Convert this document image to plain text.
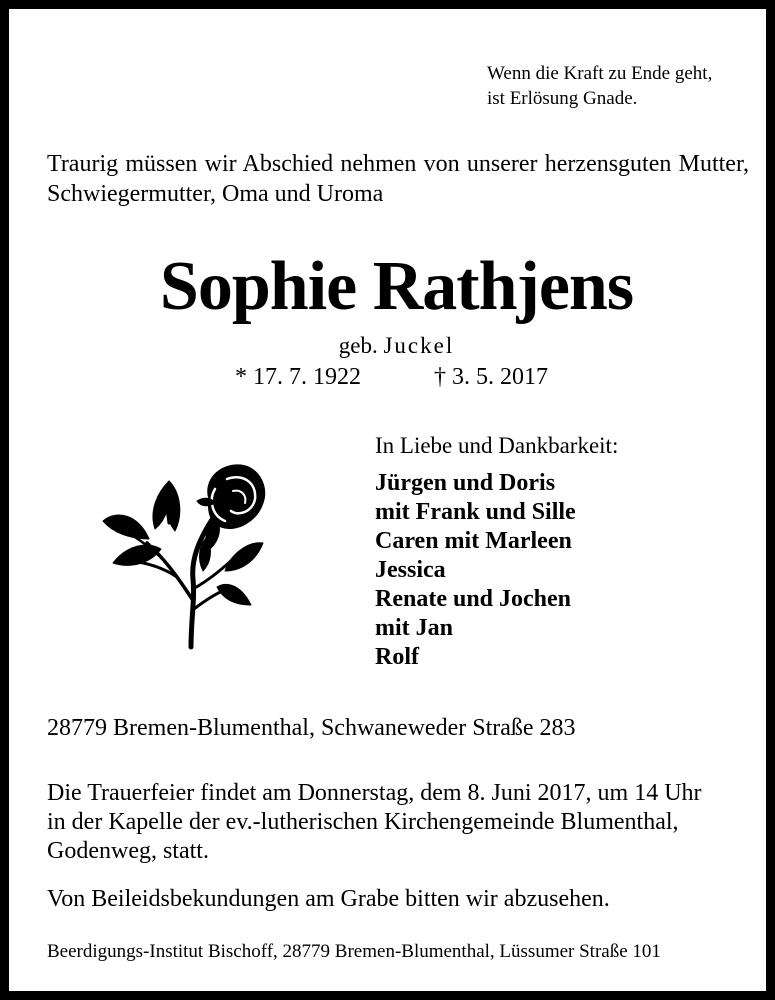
Wenn die Kraft zu Ende geht,
ist Erlösung Gnade.
Traurig müssen wir Abschied nehmen von unserer herzensguten Mutter, Schwiegermutter, Oma und Uroma
Sophie Rathjens
geb. Juckel
* 17. 7. 1922	† 3. 5. 2017
In Liebe und Dankbarkeit:
Jürgen und Doris
mit Frank und Sille
Caren mit Marleen
Jessica
Renate und Jochen
mit Jan
Rolf
28779 Bremen-Blumenthal, Schwaneweder Straße 283
Die Trauerfeier findet am Donnerstag, dem 8. Juni 2017, um 14 Uhr
in der Kapelle der ev.-lutherischen Kirchengemeinde Blumenthal,
Godenweg, statt.
Von Beileidsbekundungen am Grabe bitten wir abzusehen.
Beerdigungs-Institut Bischoff, 28779 Bremen-Blumenthal, Lüssumer Straße 101
